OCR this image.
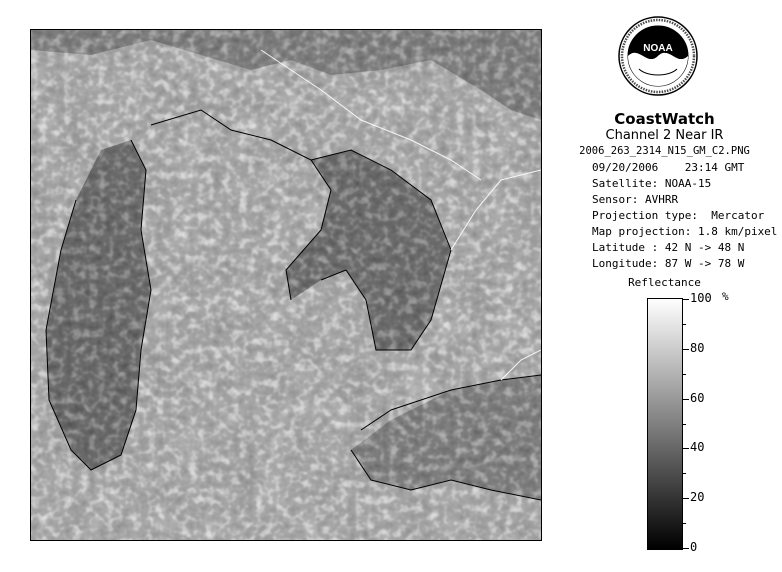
NOAA
CoastWatch
Channel 2 Near IR
2006_263_2314_N15_GM_C2.PNG
09/20/2006    23:14 GMT
Satellite: NOAA-15
Sensor: AVHRR
Projection type:  Mercator
Map projection: 1.8 km/pixel
Latitude : 42 N -> 48 N
Longitude: 87 W -> 78 W
Reflectance
%
100
80
60
40
20
0
